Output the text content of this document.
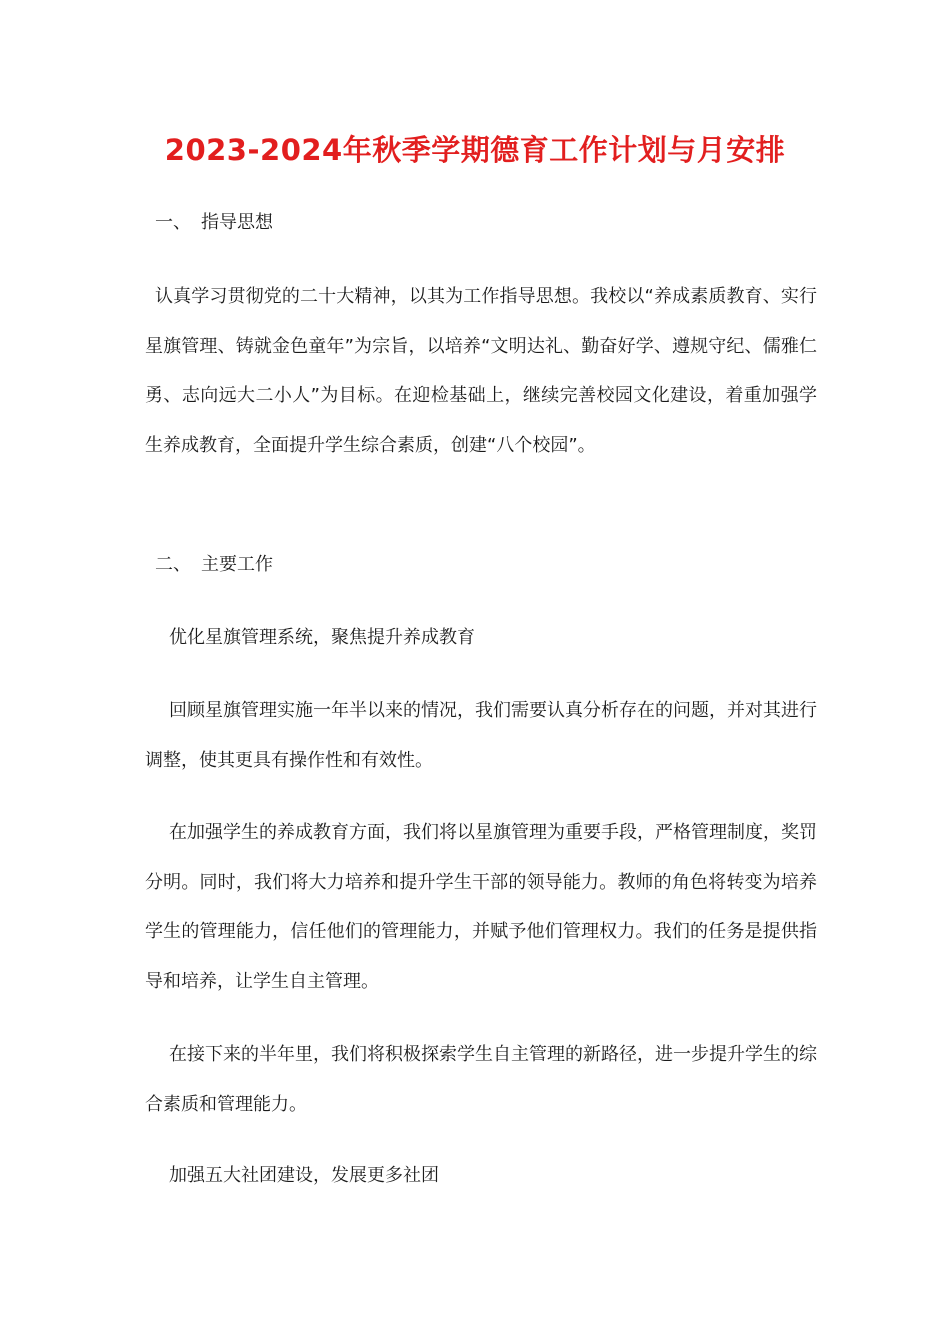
2023-2024年秋季学期德育工作计划与月安排
一、 指导思想
认真学习贯彻党的二十大精神，以其为工作指导思想。我校以“养成素质教育、实行星旗管理、铸就金色童年”为宗旨，以培养“文明达礼、勤奋好学、遵规守纪、儒雅仁勇、志向远大二小人”为目标。在迎检基础上，继续完善校园文化建设，着重加强学生养成教育，全面提升学生综合素质，创建“八个校园”。
二、 主要工作
优化星旗管理系统，聚焦提升养成教育
回顾星旗管理实施一年半以来的情况，我们需要认真分析存在的问题，并对其进行调整，使其更具有操作性和有效性。
在加强学生的养成教育方面，我们将以星旗管理为重要手段，严格管理制度，奖罚分明。同时，我们将大力培养和提升学生干部的领导能力。教师的角色将转变为培养学生的管理能力，信任他们的管理能力，并赋予他们管理权力。我们的任务是提供指导和培养，让学生自主管理。
在接下来的半年里，我们将积极探索学生自主管理的新路径，进一步提升学生的综合素质和管理能力。
加强五大社团建设，发展更多社团
